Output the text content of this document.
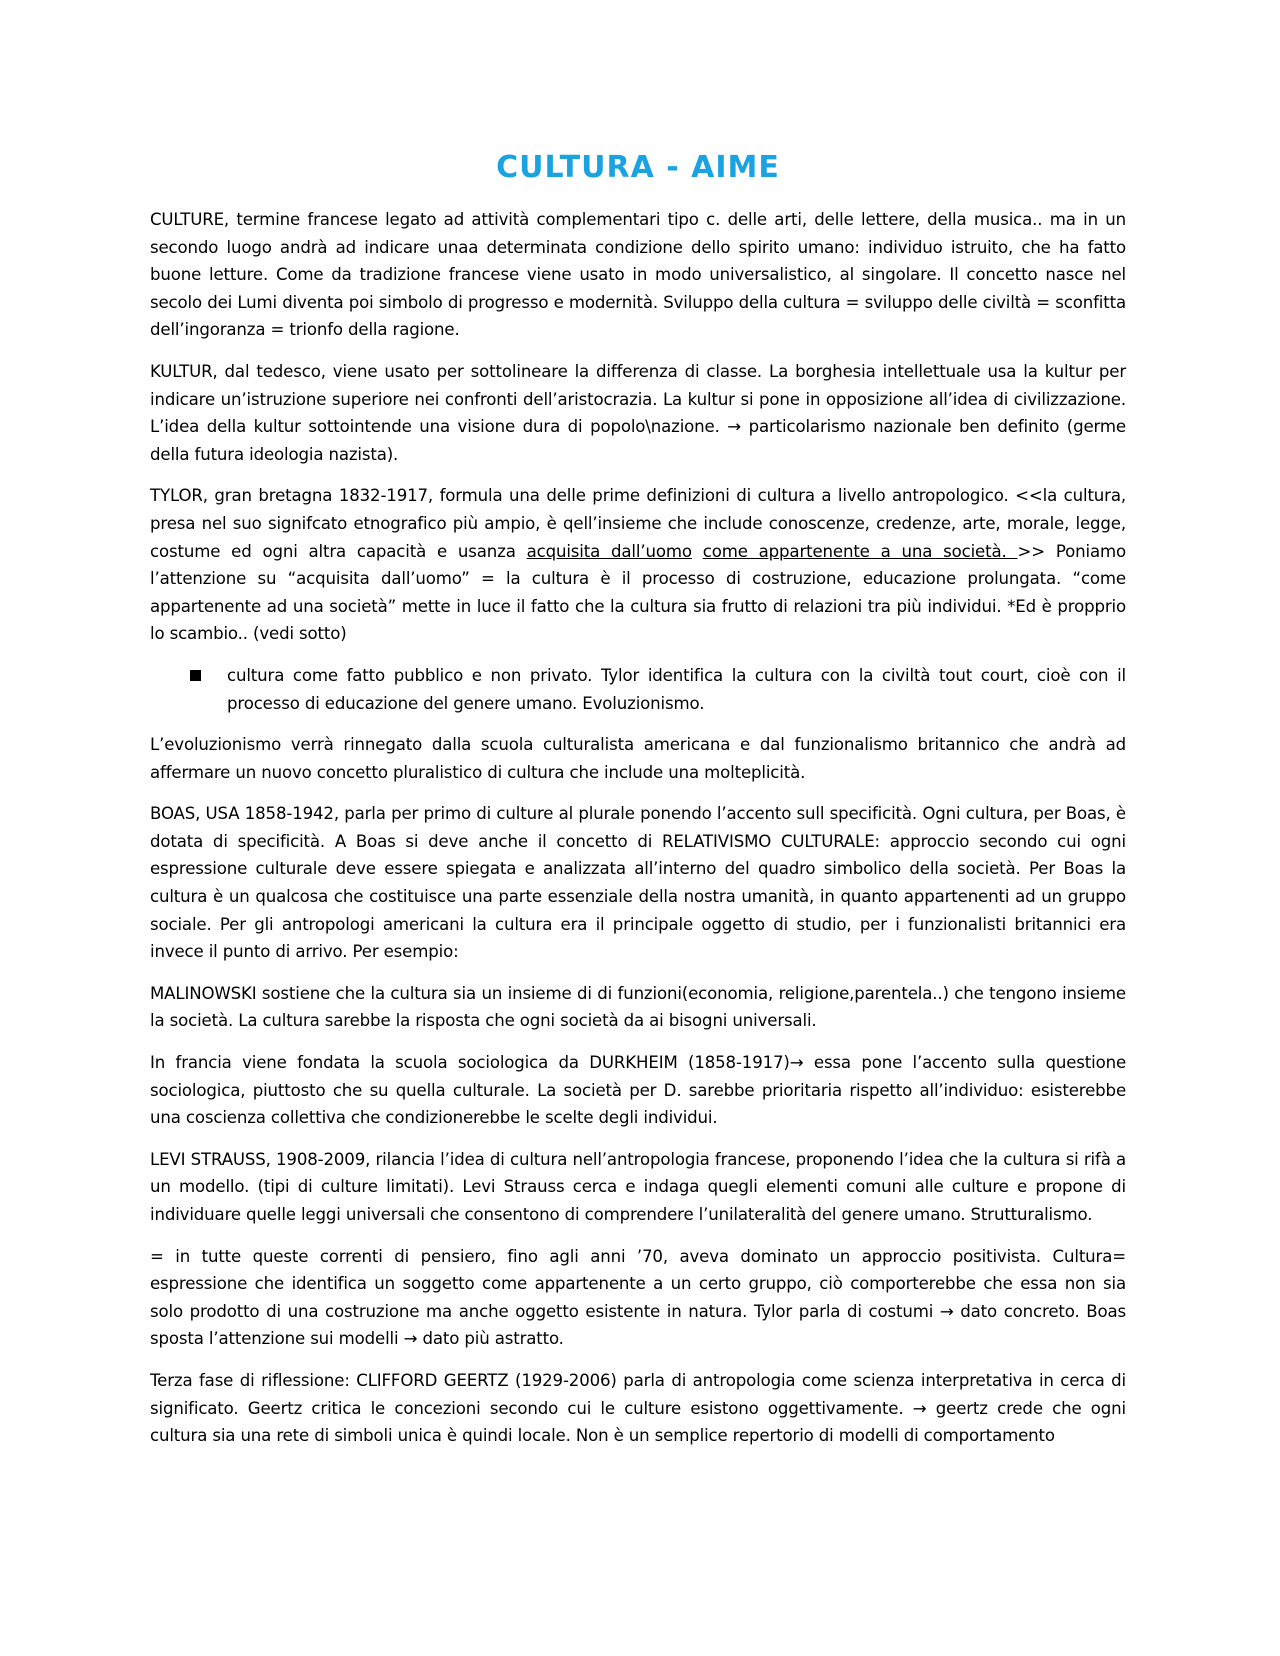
CULTURA - AIME

CULTURE, termine francese legato ad attività complementari tipo c. delle arti, delle lettere, della musica.. ma in un secondo luogo andrà ad indicare unaa determinata condizione dello spirito umano: individuo istruito, che ha fatto buone letture. Come da tradizione francese viene usato in modo universalistico, al singolare. Il concetto nasce nel secolo dei Lumi diventa poi simbolo di progresso e modernità. Sviluppo della cultura = sviluppo delle civiltà = sconfitta dell’ingoranza = trionfo della ragione.

KULTUR, dal tedesco, viene usato per sottolineare la differenza di classe. La borghesia intellettuale usa la kultur per indicare un’istruzione superiore nei confronti dell’aristocrazia. La kultur si pone in opposizione all’idea di civilizzazione. L’idea della kultur sottointende una visione dura di popolo\nazione. → particolarismo nazionale ben definito (germe della futura ideologia nazista).

TYLOR, gran bretagna 1832-1917, formula una delle prime definizioni di cultura a livello antropologico. <<la cultura, presa nel suo signifcato etnografico più ampio, è qell’insieme che include conoscenze, credenze, arte, morale, legge, costume ed ogni altra capacità e usanza acquisita dall’uomo come appartenente a una società. >> Poniamo l’attenzione su “acquisita dall’uomo” = la cultura è il processo di costruzione, educazione prolungata. “come appartenente ad una società” mette in luce il fatto che la cultura sia frutto di relazioni tra più individui. *Ed è propprio lo scambio.. (vedi sotto)

cultura come fatto pubblico e non privato. Tylor identifica la cultura con la civiltà tout court, cioè con il processo di educazione del genere umano. Evoluzionismo.

L’evoluzionismo verrà rinnegato dalla scuola culturalista americana e dal funzionalismo britannico che andrà ad affermare un nuovo concetto pluralistico di cultura che include una molteplicità.

BOAS, USA 1858-1942, parla per primo di culture al plurale ponendo l’accento sull specificità. Ogni cultura, per Boas, è dotata di specificità. A Boas si deve anche il concetto di RELATIVISMO CULTURALE: approccio secondo cui ogni espressione culturale deve essere spiegata e analizzata all’interno del quadro simbolico della società. Per Boas la cultura è un qualcosa che costituisce una parte essenziale della nostra umanità, in quanto appartenenti ad un gruppo sociale. Per gli antropologi americani la cultura era il principale oggetto di studio, per i funzionalisti britannici era invece il punto di arrivo. Per esempio:

MALINOWSKI sostiene che la cultura sia un insieme di di funzioni(economia, religione,parentela..) che tengono insieme la società. La cultura sarebbe la risposta che ogni società da ai bisogni universali.

In francia viene fondata la scuola sociologica da DURKHEIM (1858-1917)→ essa pone l’accento sulla questione sociologica, piuttosto che su quella culturale. La società per D. sarebbe prioritaria rispetto all’individuo: esisterebbe una coscienza collettiva che condizionerebbe le scelte degli individui.

LEVI STRAUSS, 1908-2009, rilancia l’idea di cultura nell’antropologia francese, proponendo l’idea che la cultura si rifà a un modello. (tipi di culture limitati). Levi Strauss cerca e indaga quegli elementi comuni alle culture e propone di individuare quelle leggi universali che consentono di comprendere l’unilateralità del genere umano. Strutturalismo.

= in tutte queste correnti di pensiero, fino agli anni ’70, aveva dominato un approccio positivista. Cultura= espressione che identifica un soggetto come appartenente a un certo gruppo, ciò comporterebbe che essa non sia solo prodotto di una costruzione ma anche oggetto esistente in natura. Tylor parla di costumi → dato concreto. Boas sposta l’attenzione sui modelli → dato più astratto.

Terza fase di riflessione: CLIFFORD GEERTZ (1929-2006) parla di antropologia come scienza interpretativa in cerca di significato. Geertz critica le concezioni secondo cui le culture esistono oggettivamente. → geertz crede che ogni cultura sia una rete di simboli unica è quindi locale. Non è un semplice repertorio di modelli di comportamento
